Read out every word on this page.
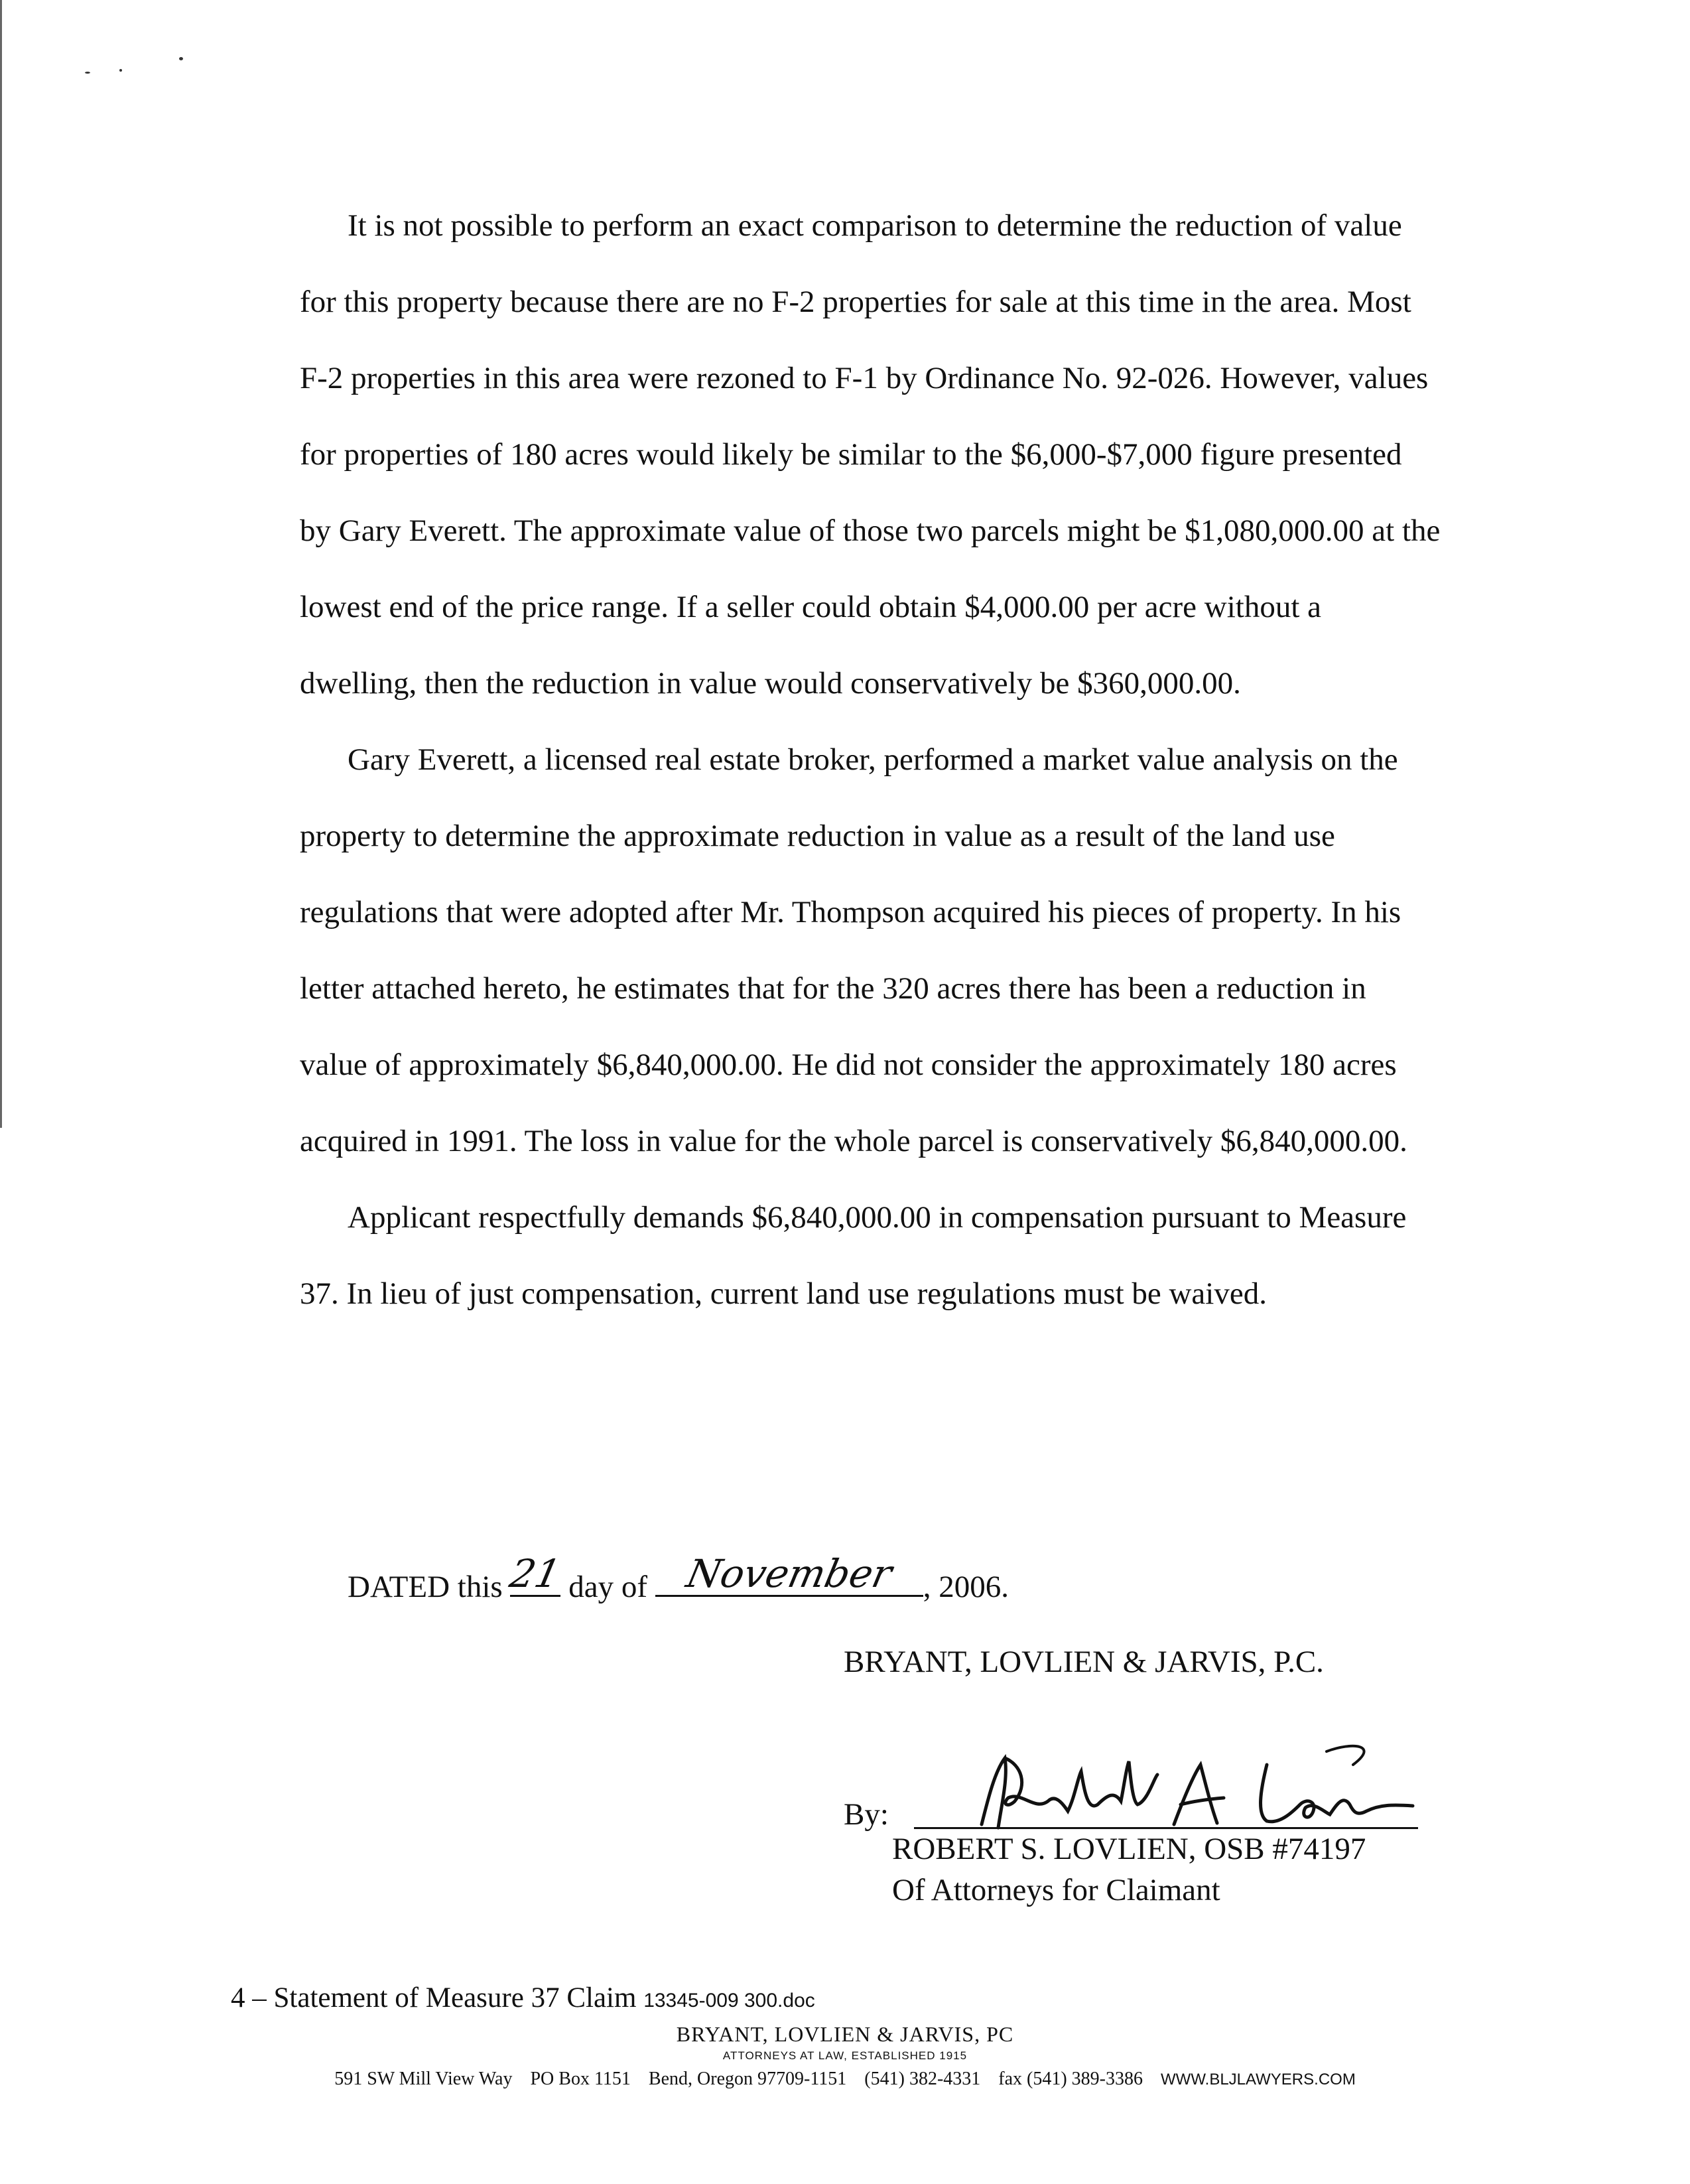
It is not possible to perform an exact comparison to determine the reduction of value for this property because there are no F-2 properties for sale at this time in the area. Most F-2 properties in this area were rezoned to F-1 by Ordinance No. 92-026. However, values for properties of 180 acres would likely be similar to the $6,000-$7,000 figure presented by Gary Everett. The approximate value of those two parcels might be $1,080,000.00 at the lowest end of the price range. If a seller could obtain $4,000.00 per acre without a dwelling, then the reduction in value would conservatively be $360,000.00.

Gary Everett, a licensed real estate broker, performed a market value analysis on the property to determine the approximate reduction in value as a result of the land use regulations that were adopted after Mr. Thompson acquired his pieces of property. In his letter attached hereto, he estimates that for the 320 acres there has been a reduction in value of approximately $6,840,000.00. He did not consider the approximately 180 acres acquired in 1991. The loss in value for the whole parcel is conservatively $6,840,000.00.

Applicant respectfully demands $6,840,000.00 in compensation pursuant to Measure 37. In lieu of just compensation, current land use regulations must be waived.

DATED this 21 day of November , 2006.
BRYANT, LOVLIEN & JARVIS, P.C.
By:
ROBERT S. LOVLIEN, OSB #74197
Of Attorneys for Claimant
4 – Statement of Measure 37 Claim 13345-009 300.doc
BRYANT, LOVLIEN & JARVIS, PC
ATTORNEYS AT LAW, ESTABLISHED 1915
591 SW Mill View Way PO Box 1151 Bend, Oregon 97709-1151 (541) 382-4331 fax (541) 389-3386 WWW.BLJLAWYERS.COM
